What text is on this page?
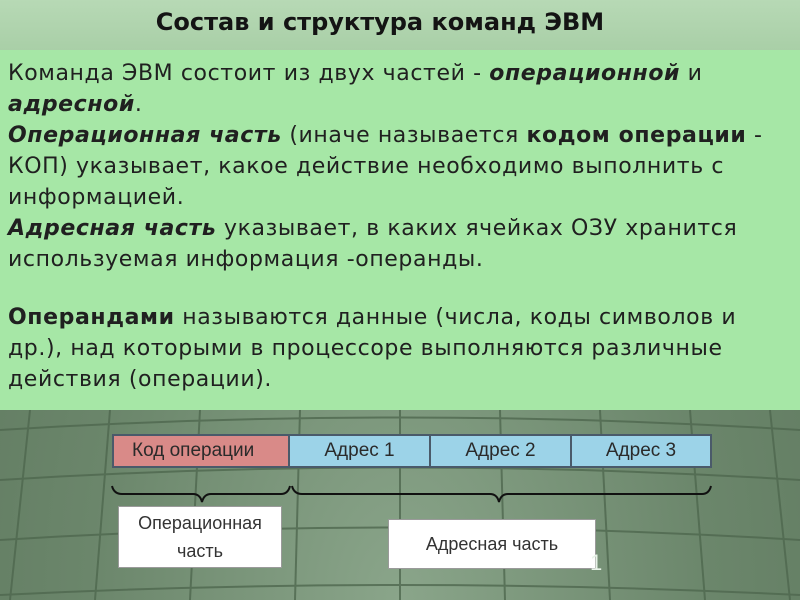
Состав и структура команд ЭВМ

Команда ЭВМ состоит из двух частей - операционной и адресной.

Операционная часть (иначе называется кодом операции - КОП) указывает, какое действие необходимо выполнить с информацией.

Адресная часть указывает, в каких ячейках ОЗУ хранится используемая информация -операнды.

Операндами называются данные (числа, коды символов и др.), над которыми в процессоре выполняются различные действия (операции).

Код операции	Адрес 1	Адрес 2	Адрес 3
Операционная часть	Адресная часть
1
